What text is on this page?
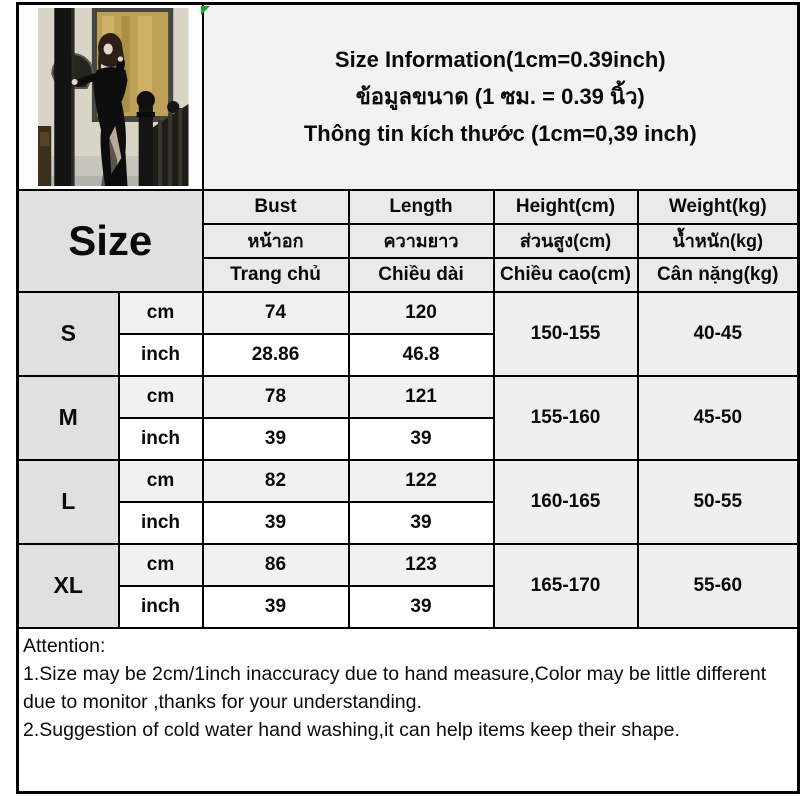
Size Information(1cm=0.39inch)
ข้อมูลขนาด (1 ซม. = 0.39 นิ้ว)
Thông tin kích thước (1cm=0,39 inch)			

Size		Bust	Length	Height(cm)	Weight(kg)
		หน้าอก	ความยาว	ส่วนสูง(cm)	น้ำหนัก(kg)
		Trang chủ	Chiều dài	Chiều cao(cm)	Cân nặng(kg)
S	cm	74	120	150-155	40-45
	inch	28.86	46.8		
M	cm	78	121	155-160	45-50
	inch	39	39		
L	cm	82	122	160-165	50-55
	inch	39	39		
XL	cm	86	123	165-170	55-60
	inch	39	39		

Attention:
1.Size may be 2cm/1inch inaccuracy due to hand measure,Color may be little different due to monitor ,thanks for your understanding.
2.Suggestion of cold water hand washing,it can help items keep their shape.					
